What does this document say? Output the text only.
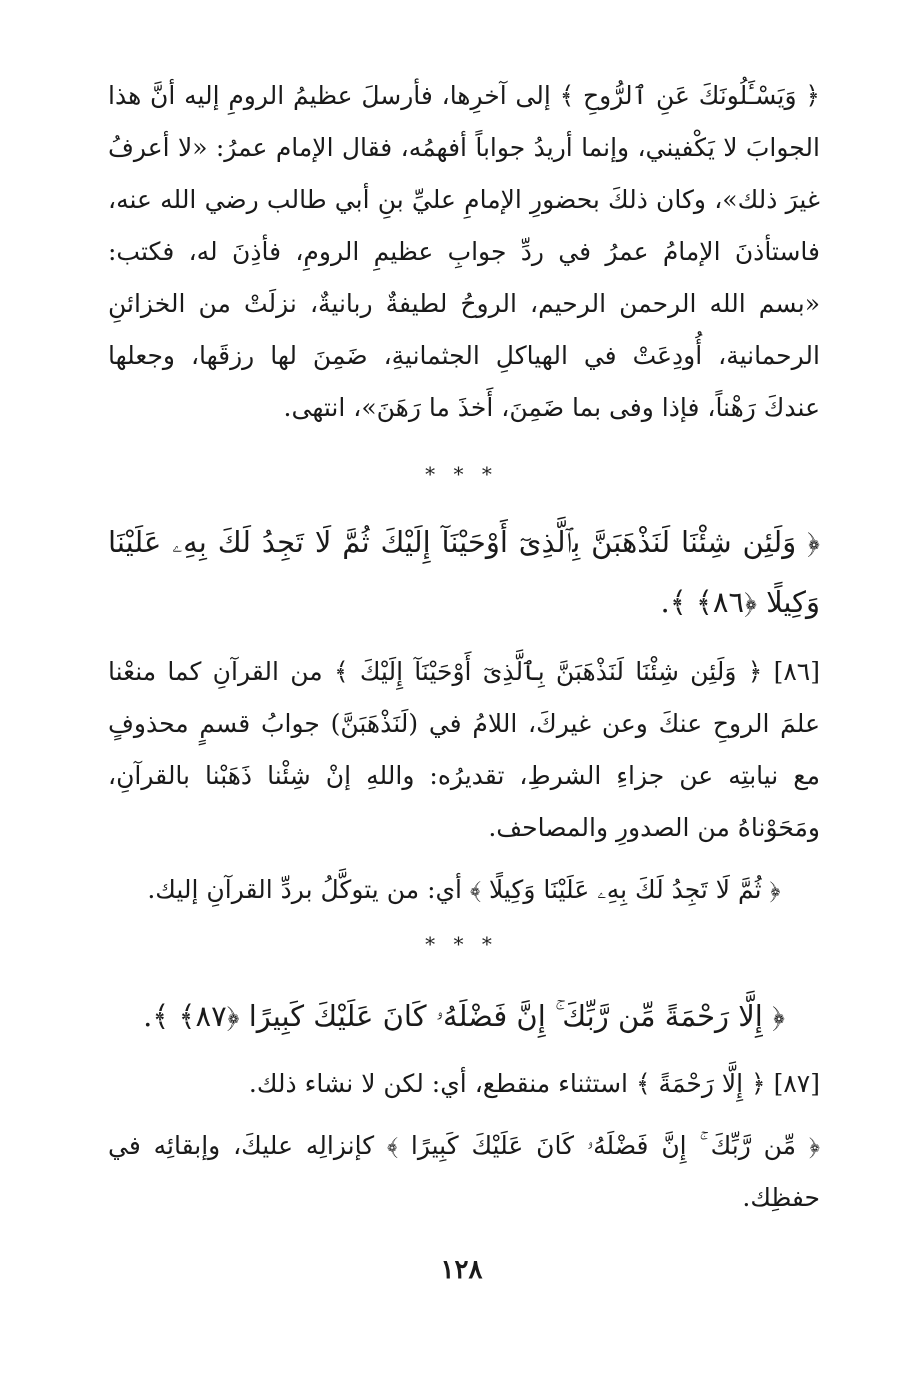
﴿ وَيَسْـَٔلُونَكَ عَنِ ٱلرُّوحِ ﴾ إلى آخرِها، فأرسلَ عظيمُ الرومِ إليه أنَّ هذا الجوابَ لا يَكْفيني، وإنما أريدُ جواباً أفهمُه، فقال الإمام عمرُ: «لا أعرفُ غيرَ ذلك»، وكان ذلكَ بحضورِ الإمامِ عليِّ بنِ أبي طالب رضي الله عنه، فاستأذنَ الإمامُ عمرُ في ردِّ جوابِ عظيمِ الرومِ، فأذِنَ له، فكتب: «بسم الله الرحمن الرحيم، الروحُ لطيفةٌ ربانيةٌ، نزلَتْ من الخزائنِ الرحمانية، أُودِعَتْ في الهياكلِ الجثمانيةِ، ضَمِنَ لها رزقَها، وجعلها عندكَ رَهْناً، فإذا وفى بما ضَمِنَ، أَخذَ ما رَهَنَ»، انتهى.
* * *
﴿ وَلَئِن شِئْنَا لَنَذْهَبَنَّ بِٱلَّذِىٓ أَوْحَيْنَآ إِلَيْكَ ثُمَّ لَا تَجِدُ لَكَ بِهِۦ عَلَيْنَا وَكِيلًا ﴿٨٦﴾ ﴾.
[٨٦] ﴿ وَلَئِن شِئْنَا لَنَذْهَبَنَّ بِٱلَّذِىٓ أَوْحَيْنَآ إِلَيْكَ ﴾ من القرآنِ كما منعْنا علمَ الروحِ عنكَ وعن غيركَ، اللامُ في (لَنَذْهَبَنَّ) جوابُ قسمٍ محذوفٍ مع نيابتِه عن جزاءِ الشرطِ، تقديرُه: واللهِ إنْ شِئْنا ذَهَبْنا بالقرآنِ، ومَحَوْناهُ من الصدورِ والمصاحف.
﴿ ثُمَّ لَا تَجِدُ لَكَ بِهِۦ عَلَيْنَا وَكِيلًا ﴾ أي: من يتوكَّلُ بردِّ القرآنِ إليك.
* * *
﴿ إِلَّا رَحْمَةً مِّن رَّبِّكَ ۚ إِنَّ فَضْلَهُۥ كَانَ عَلَيْكَ كَبِيرًا ﴿٨٧﴾ ﴾.
[٨٧] ﴿ إِلَّا رَحْمَةً ﴾ استثناء منقطع، أي: لكن لا نشاء ذلك.
﴿ مِّن رَّبِّكَ ۚ إِنَّ فَضْلَهُۥ كَانَ عَلَيْكَ كَبِيرًا ﴾ كإنزالِه عليكَ، وإبقائِه في حفظِك.
١٢٨
